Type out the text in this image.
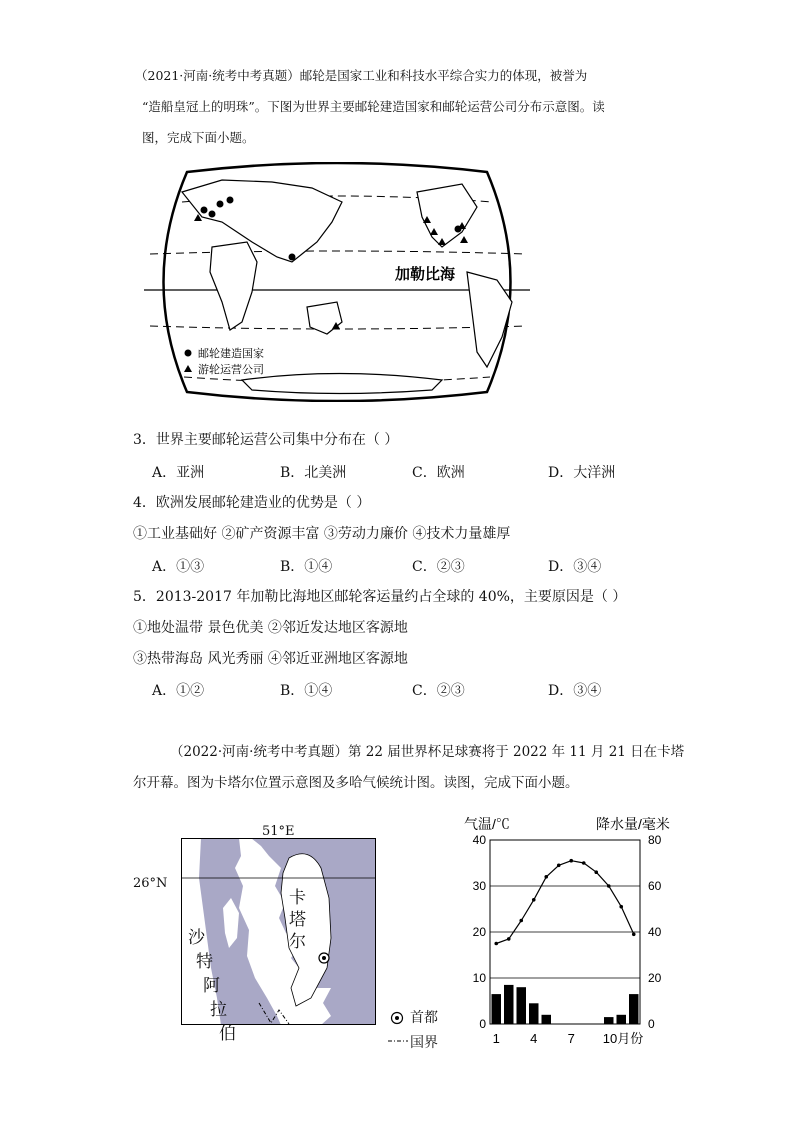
（2021·河南·统考中考真题）邮轮是国家工业和科技水平综合实力的体现，被誉为
“造船皇冠上的明珠”。下图为世界主要邮轮建造国家和邮轮运营公司分布示意图。读
图，完成下面小题。
加勒比海
邮轮建造国家
游轮运营公司
3．世界主要邮轮运营公司集中分布在（ ）
A．亚洲	B．北美洲	C．欧洲	D．大洋洲
4．欧洲发展邮轮建造业的优势是（ ）
①工业基础好 ②矿产资源丰富 ③劳动力廉价 ④技术力量雄厚
A．①③	B．①④	C．②③	D．③④
5．2013-2017 年加勒比海地区邮轮客运量约占全球的 40%，主要原因是（ ）
①地处温带 景色优美 ②邻近发达地区客源地
③热带海岛 风光秀丽 ④邻近亚洲地区客源地
A．①②	B．①④	C．②③	D．③④
（2022·河南·统考中考真题）第 22 届世界杯足球赛将于 2022 年 11 月 21 日在卡塔
尔开幕。图为卡塔尔位置示意图及多哈气候统计图。读图，完成下面小题。
51°E
26°N
卡
塔
尔
沙
特
阿
拉
伯
首都
国界
气温/℃	降水量/毫米
0
10
20
30
40
0
20
40
60
80
1 4 7 10月份
